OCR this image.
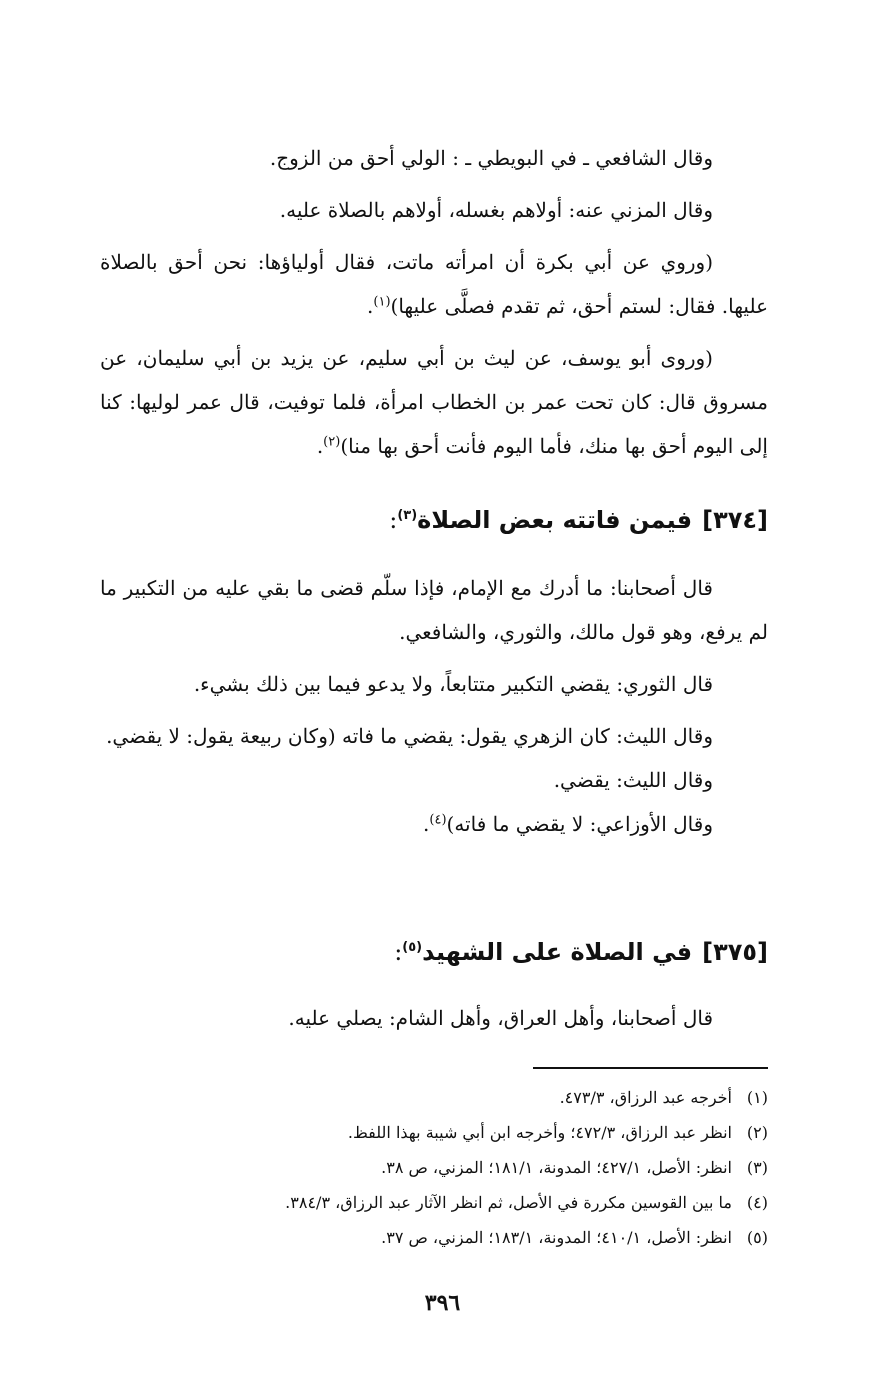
وقال الشافعي ـ في البويطي ـ : الولي أحق من الزوج.

وقال المزني عنه: أولاهم بغسله، أولاهم بالصلاة عليه.

(وروي عن أبي بكرة أن امرأته ماتت، فقال أولياؤها: نحن أحق بالصلاة عليها. فقال: لستم أحق، ثم تقدم فصلَّى عليها)$^{(١)}$.

(وروى أبو يوسف، عن ليث بن أبي سليم، عن يزيد بن أبي سليمان، عن مسروق قال: كان تحت عمر بن الخطاب امرأة، فلما توفيت، قال عمر لوليها: كنا إلى اليوم أحق بها منك، فأما اليوم فأنت أحق بها منا)$^{(٢)}$.

[٣٧٤]فيمن فاتته بعض الصلاة$^{(٣)}$:

قال أصحابنا: ما أدرك مع الإمام، فإذا سلّم قضى ما بقي عليه من التكبير ما لم يرفع، وهو قول مالك، والثوري، والشافعي.

قال الثوري: يقضي التكبير متتابعاً، ولا يدعو فيما بين ذلك بشيء.

وقال الليث: كان الزهري يقول: يقضي ما فاته (وكان ربيعة يقول: لا يقضي.

وقال الليث: يقضي.

وقال الأوزاعي: لا يقضي ما فاته)$^{(٤)}$.

[٣٧٥]في الصلاة على الشهيد$^{(٥)}$:

قال أصحابنا، وأهل العراق، وأهل الشام: يصلي عليه.

(١)أخرجه عبد الرزاق، ٤٧٣/٣.

(٢)انظر عبد الرزاق، ٤٧٢/٣؛ وأخرجه ابن أبي شيبة بهذا اللفظ.

(٣)انظر: الأصل، ٤٢٧/١؛ المدونة، ١٨١/١؛ المزني، ص ٣٨.

(٤)ما بين القوسين مكررة في الأصل، ثم انظر الآثار عبد الرزاق، ٣٨٤/٣.

(٥)انظر: الأصل، ٤١٠/١؛ المدونة، ١٨٣/١؛ المزني، ص ٣٧.

٣٩٦
